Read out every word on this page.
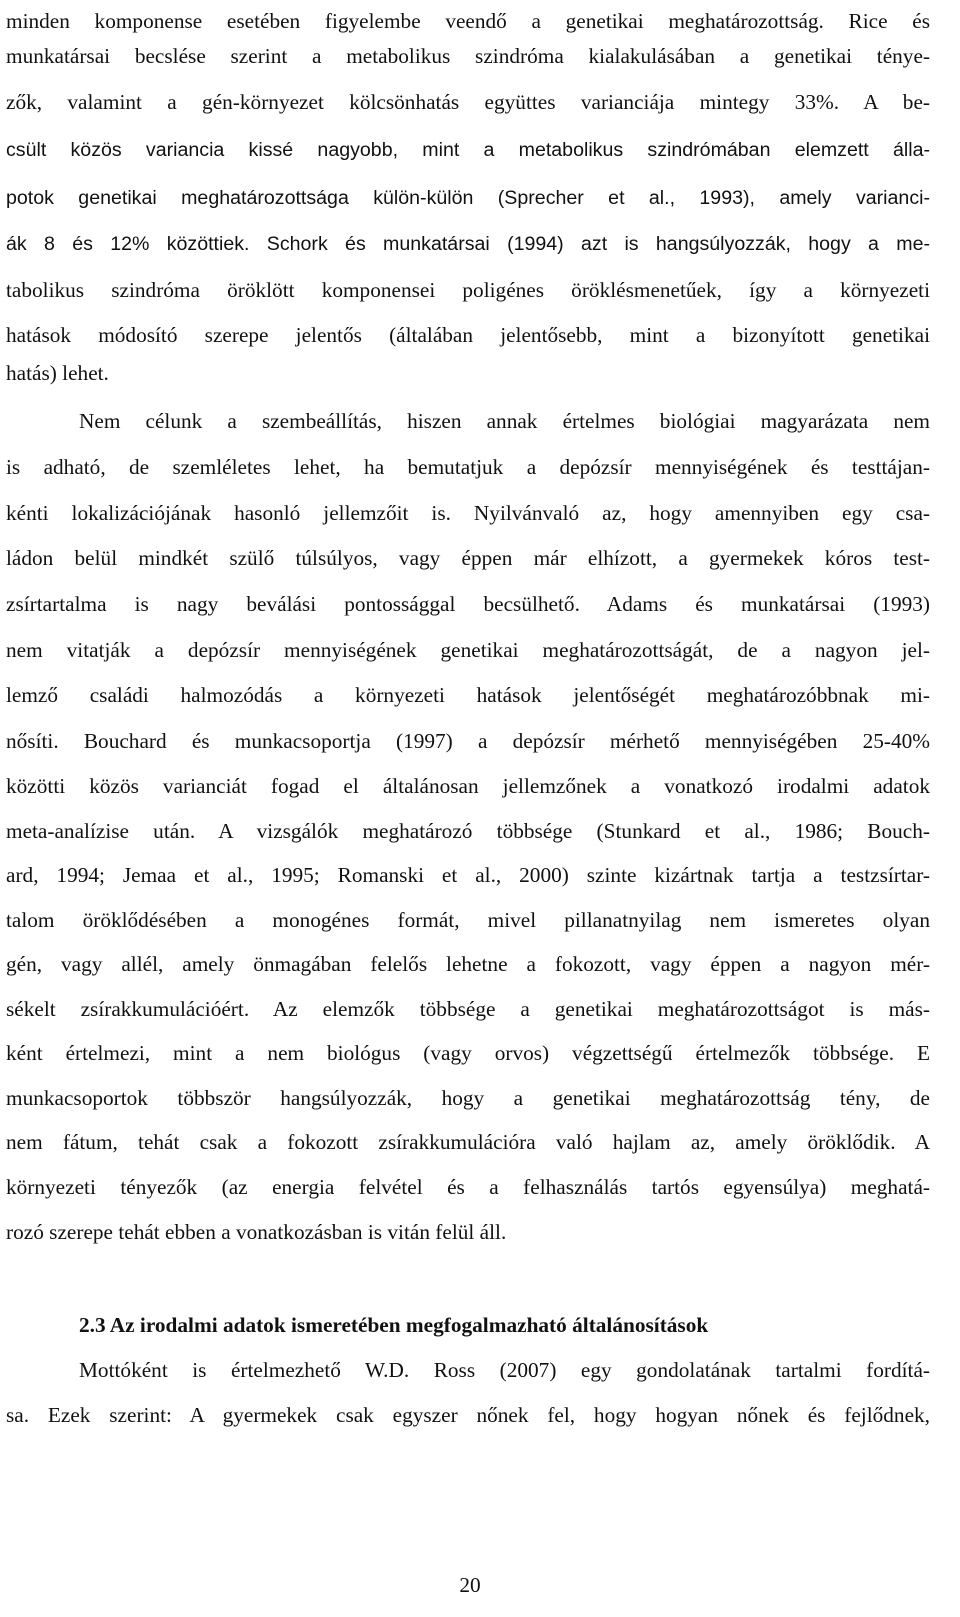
minden komponense esetében figyelembe veendő a genetikai meghatározottság. Rice és
munkatársai becslése szerint a metabolikus szindróma kialakulásában a genetikai ténye-
zők, valamint a gén-környezet kölcsönhatás együttes varianciája mintegy 33%. A be-
csült közös variancia kissé nagyobb, mint a metabolikus szindrómában elemzett álla-
potok genetikai meghatározottsága külön-külön (Sprecher et al., 1993), amely varianci-
ák 8 és 12% közöttiek. Schork és munkatársai (1994) azt is hangsúlyozzák, hogy a me-
tabolikus szindróma öröklött komponensei poligénes öröklésmenetűek, így a környezeti
hatások módosító szerepe jelentős (általában jelentősebb, mint a bizonyított genetikai
hatás) lehet.
Nem célunk a szembeállítás, hiszen annak értelmes biológiai magyarázata nem
is adható, de szemléletes lehet, ha bemutatjuk a depózsír mennyiségének és testtájan-
kénti lokalizációjának hasonló jellemzőit is. Nyilvánvaló az, hogy amennyiben egy csa-
ládon belül mindkét szülő túlsúlyos, vagy éppen már elhízott, a gyermekek kóros test-
zsírtartalma is nagy beválási pontossággal becsülhető. Adams és munkatársai (1993)
nem vitatják a depózsír mennyiségének genetikai meghatározottságát, de a nagyon jel-
lemző családi halmozódás a környezeti hatások jelentőségét meghatározóbbnak mi-
nősíti. Bouchard és munkacsoportja (1997) a depózsír mérhető mennyiségében 25-40%
közötti közös varianciát fogad el általánosan jellemzőnek a vonatkozó irodalmi adatok
meta-analízise után. A vizsgálók meghatározó többsége (Stunkard et al., 1986; Bouch-
ard, 1994; Jemaa et al., 1995; Romanski et al., 2000) szinte kizártnak tartja a testzsírtar-
talom öröklődésében a monogénes formát, mivel pillanatnyilag nem ismeretes olyan
gén, vagy allél, amely önmagában felelős lehetne a fokozott, vagy éppen a nagyon mér-
sékelt zsírakkumulációért. Az elemzők többsége a genetikai meghatározottságot is más-
ként értelmezi, mint a nem biológus (vagy orvos) végzettségű értelmezők többsége. E
munkacsoportok többször hangsúlyozzák, hogy a genetikai meghatározottság tény, de
nem fátum, tehát csak a fokozott zsírakkumulációra való hajlam az, amely öröklődik. A
környezeti tényezők (az energia felvétel és a felhasználás tartós egyensúlya) meghatá-
rozó szerepe tehát ebben a vonatkozásban is vitán felül áll.
2.3 Az irodalmi adatok ismeretében megfogalmazható általánosítások
Mottóként is értelmezhető W.D. Ross (2007) egy gondolatának tartalmi fordítá-
sa. Ezek szerint: A gyermekek csak egyszer nőnek fel, hogy hogyan nőnek és fejlődnek,
20
